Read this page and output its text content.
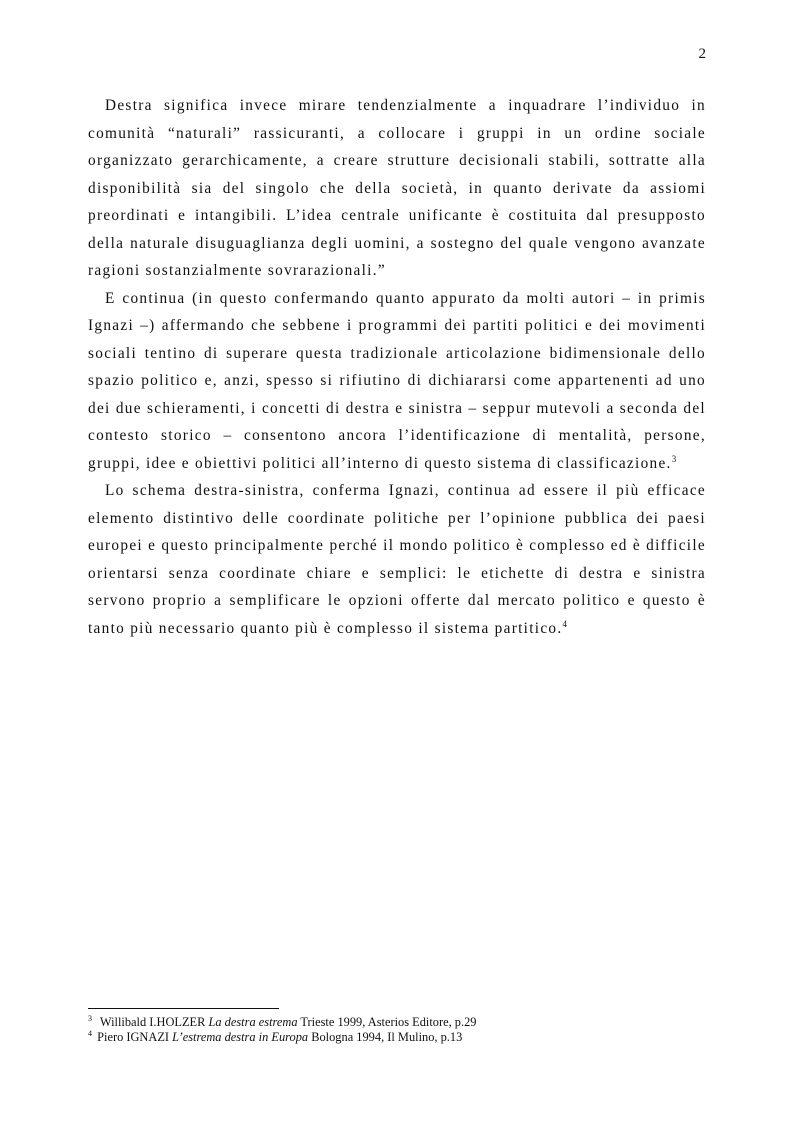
2

Destra significa invece mirare tendenzialmente a inquadrare l’individuo in comunità “naturali” rassicuranti, a collocare i gruppi in un ordine sociale organizzato gerarchicamente, a creare strutture decisionali stabili, sottratte alla disponibilità sia del singolo che della società, in quanto derivate da assiomi preordinati e intangibili. L’idea centrale unificante è costituita dal presupposto della naturale disuguaglianza degli uomini, a sostegno del quale vengono avanzate ragioni sostanzialmente sovrarazionali.”

E continua (in questo confermando quanto appurato da molti autori – in primis Ignazi –) affermando che sebbene i programmi dei partiti politici e dei movimenti sociali tentino di superare questa tradizionale articolazione bidimensionale dello spazio politico e, anzi, spesso si rifiutino di dichiararsi come appartenenti ad uno dei due schieramenti, i concetti di destra e sinistra – seppur mutevoli a seconda del contesto storico – consentono ancora l’identificazione di mentalità, persone, gruppi, idee e obiettivi politici all’interno di questo sistema di classificazione.$^3$

Lo schema destra-sinistra, conferma Ignazi, continua ad essere il più efficace elemento distintivo delle coordinate politiche per l’opinione pubblica dei paesi europei e questo principalmente perché il mondo politico è complesso ed è difficile orientarsi senza coordinate chiare e semplici: le etichette di destra e sinistra servono proprio a semplificare le opzioni offerte dal mercato politico e questo è tanto più necessario quanto più è complesso il sistema partitico.$^4$

$^3$ Willibald I.HOLZER La destra estrema Trieste 1999, Asterios Editore, p.29

$^4$ Piero IGNAZI L’estrema destra in Europa Bologna 1994, Il Mulino, p.13
